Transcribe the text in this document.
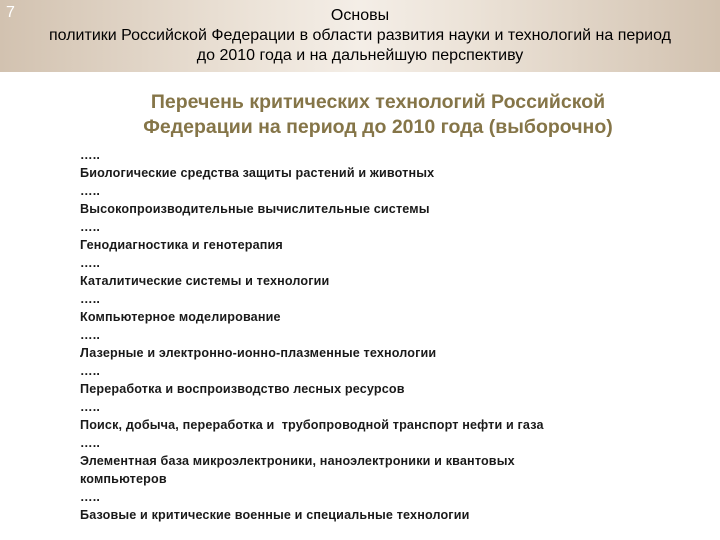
7	Основы
политики Российской Федерации в области развития науки и технологий на период
до 2010 года и на дальнейшую перспективу
Перечень критических технологий Российской
Федерации на период до 2010 года (выборочно)
…..
Биологические средства защиты растений и животных
…..
Высокопроизводительные вычислительные системы
…..
Генодиагностика и генотерапия
…..
Каталитические системы и технологии
…..
Компьютерное моделирование
…..
Лазерные и электронно-ионно-плазменные технологии
…..
Переработка и воспроизводство лесных ресурсов
…..
Поиск, добыча, переработка и  трубопроводной транспорт нефти и газа
…..
Элементная база микроэлектроники, наноэлектроники и квантовых
компьютеров
…..
Базовые и критические военные и специальные технологии
